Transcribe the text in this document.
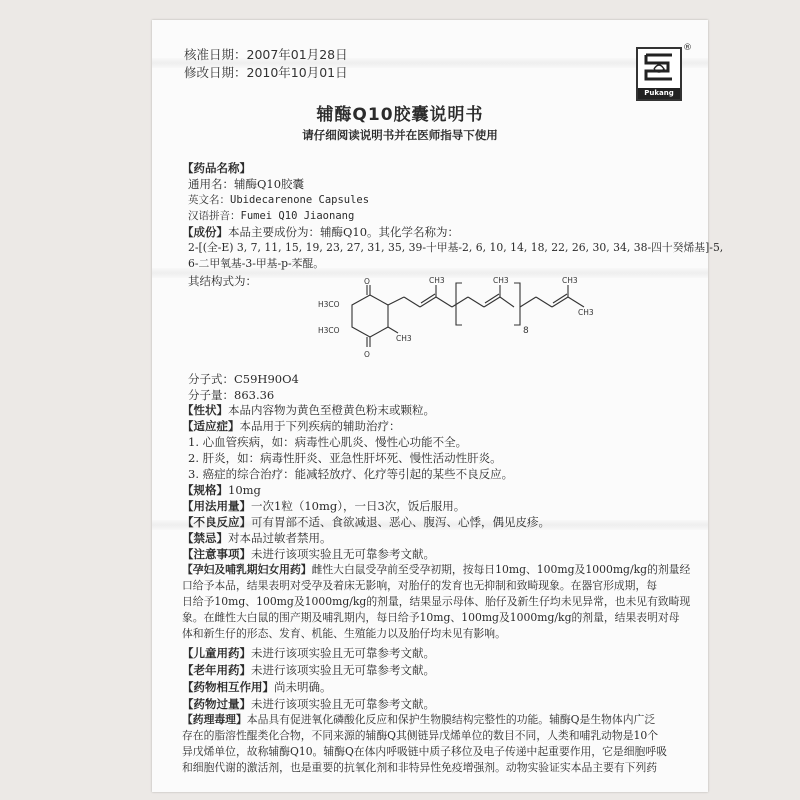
核准日期：2007年01月28日
修改日期：2010年10月01日
®
Pukang
辅酶Q10胶囊说明书
请仔细阅读说明书并在医师指导下使用
【药品名称】
通用名：辅酶Q10胶囊
英文名：Ubidecarenone Capsules
汉语拼音：Fumei Q10 Jiaonang
【成份】本品主要成份为：辅酶Q10。其化学名称为：
2-[(全-E) 3, 7, 11, 15, 19, 23, 27, 31, 35, 39-十甲基-2, 6, 10, 14, 18, 22, 26, 30, 34, 38-四十癸烯基]-5,
6-二甲氧基-3-甲基-p-苯醌。
其结构式为：	O
O
H3CO
H3CO
CH3
CH3	CH3	CH3
CH3
8
分子式：C59H90O4
分子量：863.36
【性状】本品内容物为黄色至橙黄色粉末或颗粒。
【适应症】本品用于下列疾病的辅助治疗：
1. 心血管疾病，如：病毒性心肌炎、慢性心功能不全。
2. 肝炎，如：病毒性肝炎、亚急性肝坏死、慢性活动性肝炎。
3. 癌症的综合治疗：能减轻放疗、化疗等引起的某些不良反应。
【规格】10mg
【用法用量】一次1粒（10mg），一日3次，饭后服用。
【不良反应】可有胃部不适、食欲减退、恶心、腹泻、心悸，偶见皮疹。
【禁忌】对本品过敏者禁用。
【注意事项】未进行该项实验且无可靠参考文献。
【孕妇及哺乳期妇女用药】雌性大白鼠受孕前至受孕初期，按每日10mg、100mg及1000mg/kg的剂量经
口给予本品，结果表明对受孕及着床无影响，对胎仔的发育也无抑制和致畸现象。在器官形成期，每
日给予10mg、100mg及1000mg/kg的剂量，结果显示母体、胎仔及新生仔均未见异常，也未见有致畸现
象。在雌性大白鼠的围产期及哺乳期内，每日给予10mg、100mg及1000mg/kg的剂量，结果表明对母
体和新生仔的形态、发育、机能、生殖能力以及胎仔均未见有影响。
【儿童用药】未进行该项实验且无可靠参考文献。
【老年用药】未进行该项实验且无可靠参考文献。
【药物相互作用】尚未明确。
【药物过量】未进行该项实验且无可靠参考文献。
【药理毒理】本品具有促进氧化磷酸化反应和保护生物膜结构完整性的功能。辅酶Q是生物体内广泛
存在的脂溶性醌类化合物，不同来源的辅酶Q其侧链异戊烯单位的数目不同，人类和哺乳动物是10个
异戊烯单位，故称辅酶Q10。辅酶Q在体内呼吸链中质子移位及电子传递中起重要作用，它是细胞呼吸
和细胞代谢的激活剂，也是重要的抗氧化剂和非特异性免疫增强剂。动物实验证实本品主要有下列药
